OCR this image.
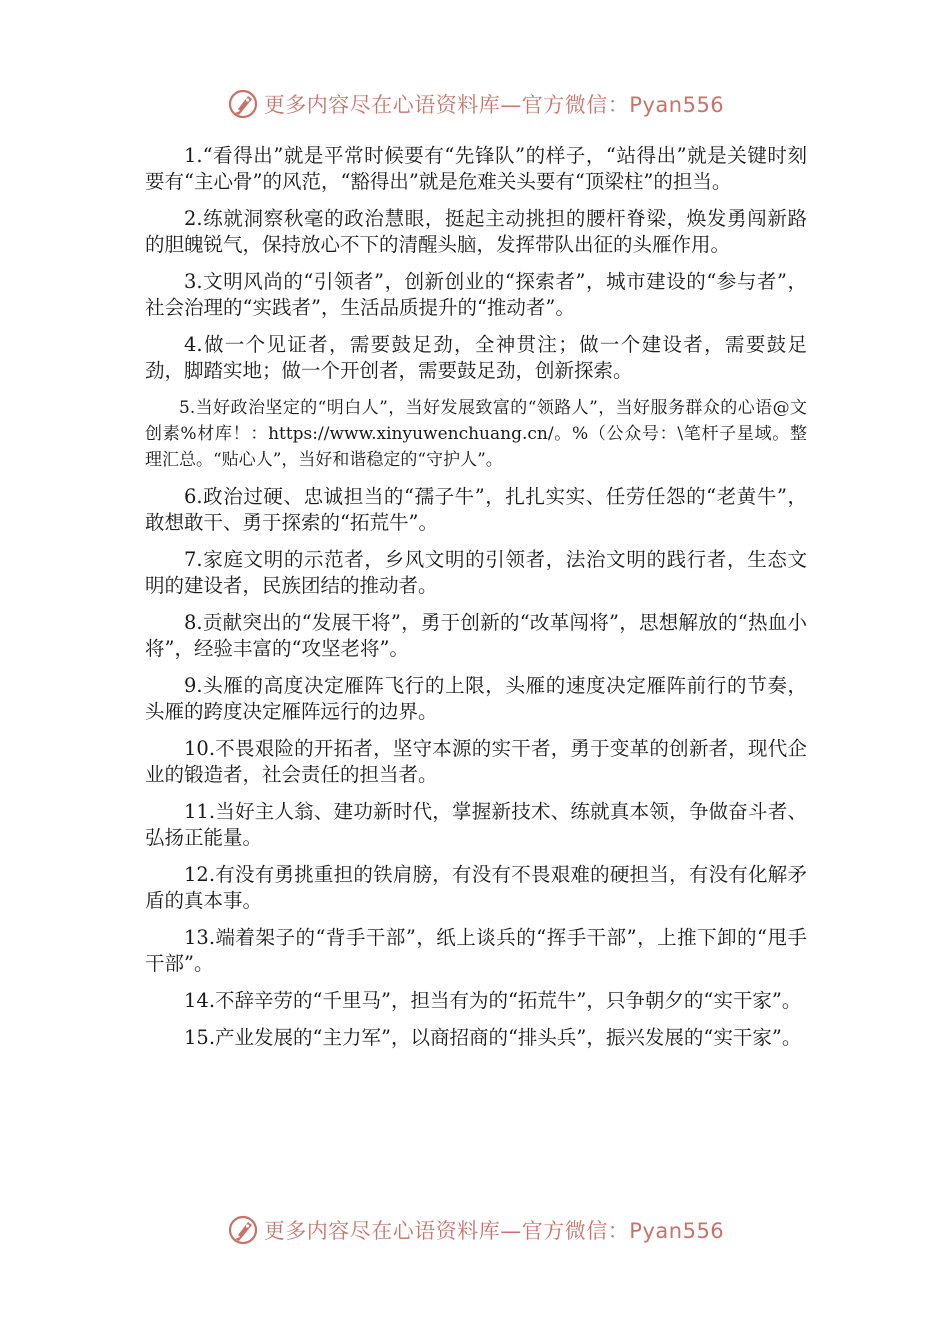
更多内容尽在心语资料库—官方微信：Pyan556

1.“看得出”就是平常时候要有“先锋队”的样子，“站得出”就是关键时刻要有“主心骨”的风范，“豁得出”就是危难关头要有“顶梁柱”的担当。

2.练就洞察秋毫的政治慧眼，挺起主动挑担的腰杆脊梁，焕发勇闯新路的胆魄锐气，保持放心不下的清醒头脑，发挥带队出征的头雁作用。

3.文明风尚的“引领者”，创新创业的“探索者”，城市建设的“参与者”，社会治理的“实践者”，生活品质提升的“推动者”。

4.做一个见证者，需要鼓足劲，全神贯注；做一个建设者，需要鼓足劲，脚踏实地；做一个开创者，需要鼓足劲，创新探索。

5.当好政治坚定的“明白人”，当好发展致富的“领路人”，当好服务群众的心语@文创素%材库！：https://www.xinyuwenchuang.cn/。%（公众号：\笔杆子星域。整理汇总。“贴心人”，当好和谐稳定的“守护人”。

6.政治过硬、忠诚担当的“孺子牛”，扎扎实实、任劳任怨的“老黄牛”，敢想敢干、勇于探索的“拓荒牛”。

7.家庭文明的示范者，乡风文明的引领者，法治文明的践行者，生态文明的建设者，民族团结的推动者。

8.贡献突出的“发展干将”，勇于创新的“改革闯将”，思想解放的“热血小将”，经验丰富的“攻坚老将”。

9.头雁的高度决定雁阵飞行的上限，头雁的速度决定雁阵前行的节奏，头雁的跨度决定雁阵远行的边界。

10.不畏艰险的开拓者，坚守本源的实干者，勇于变革的创新者，现代企业的锻造者，社会责任的担当者。

11.当好主人翁、建功新时代，掌握新技术、练就真本领，争做奋斗者、弘扬正能量。

12.有没有勇挑重担的铁肩膀，有没有不畏艰难的硬担当，有没有化解矛盾的真本事。

13.端着架子的“背手干部”，纸上谈兵的“挥手干部”，上推下卸的“甩手干部”。

14.不辞辛劳的“千里马”，担当有为的“拓荒牛”，只争朝夕的“实干家”。

15.产业发展的“主力军”，以商招商的“排头兵”，振兴发展的“实干家”。

更多内容尽在心语资料库—官方微信：Pyan556
